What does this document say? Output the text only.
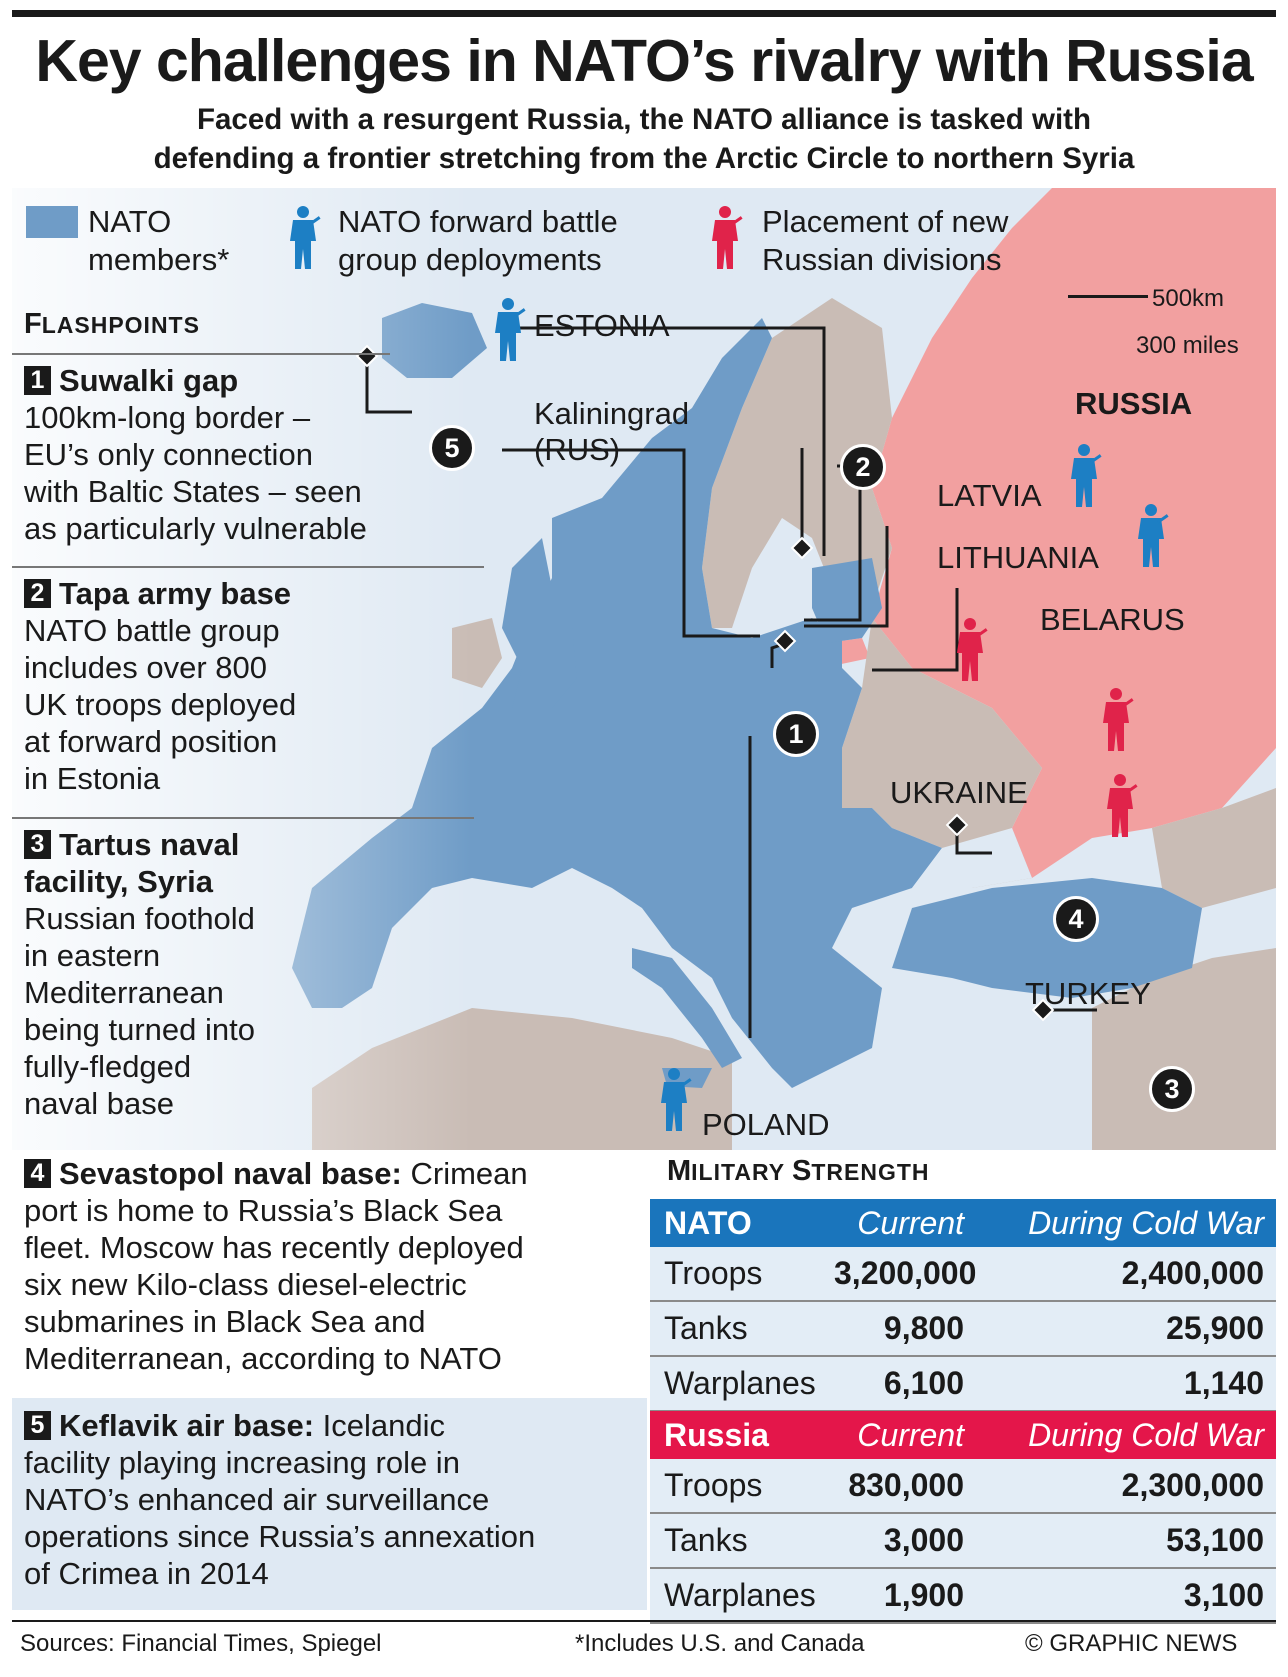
Key challenges in NATO’s rivalry with Russia
Faced with a resurgent Russia, the NATO alliance is tasked with
defending a frontier stretching from the Arctic Circle to northern Syria
NATO
members*
NATO forward battle
group deployments
Placement of new
Russian divisions
ESTONIA
Kaliningrad
(RUS)
RUSSIA
LATVIA
LITHUANIA
BELARUS
UKRAINE
TURKEY
POLAND
500km
300 miles
1
2
3
4
5
FLASHPOINTS
1 Suwalki gap
100km-long border –
EU’s only connection
with Baltic States – seen
as particularly vulnerable
2 Tapa army base
NATO battle group
includes over 800
UK troops deployed
at forward position
in Estonia
3 Tartus naval
facility, Syria
Russian foothold
in eastern
Mediterranean
being turned into
fully-fledged
naval base
4 Sevastopol naval base: Crimean
port is home to Russia’s Black Sea
fleet. Moscow has recently deployed
six new Kilo-class diesel-electric
submarines in Black Sea and
Mediterranean, according to NATO
5 Keflavik air base: Icelandic
facility playing increasing role in
NATO’s enhanced air surveillance
operations since Russia’s annexation
of Crimea in 2014
MILITARY STRENGTH
NATO	Current	During Cold War
Troops	3,200,000	2,400,000
Tanks	9,800	25,900
Warplanes	6,100	1,140
Russia	Current	During Cold War
Troops	830,000	2,300,000
Tanks	3,000	53,100
Warplanes	1,900	3,100
Sources: Financial Times, Spiegel	*Includes U.S. and Canada	© GRAPHIC NEWS
